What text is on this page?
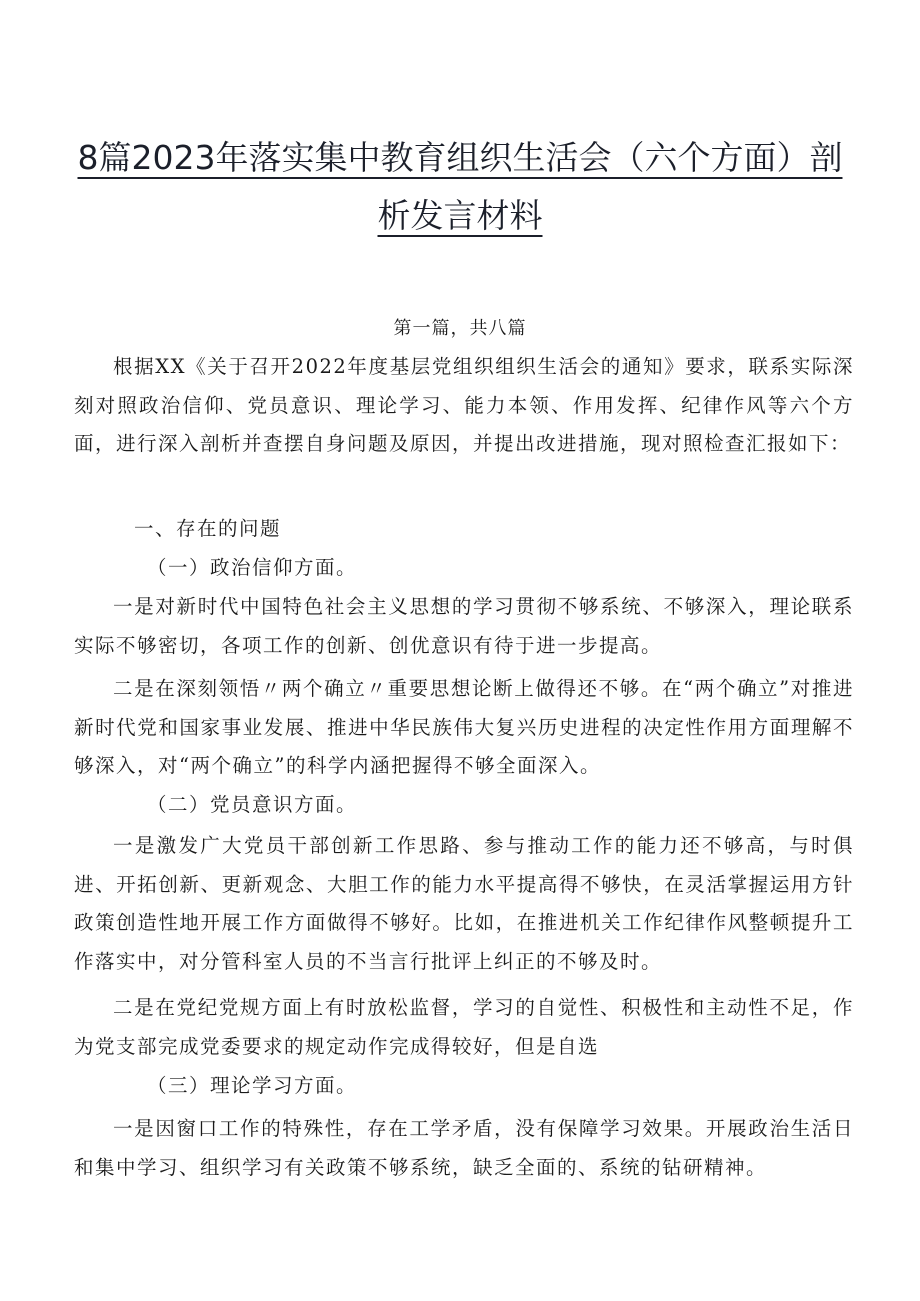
8篇2023年落实集中教育组织生活会（六个方面）剖
析发言材料
第一篇，共八篇

根据XX《关于召开2022年度基层党组织组织生活会的通知》要求，联系实际深刻对照政治信仰、党员意识、理论学习、能力本领、作用发挥、纪律作风等六个方面，进行深入剖析并查摆自身问题及原因，并提出改进措施，现对照检查汇报如下：

一、存在的问题

（一）政治信仰方面。

一是对新时代中国特色社会主义思想的学习贯彻不够系统、不够深入，理论联系实际不够密切，各项工作的创新、创优意识有待于进一步提高。

二是在深刻领悟〃两个确立〃重要思想论断上做得还不够。在“两个确立”对推进新时代党和国家事业发展、推进中华民族伟大复兴历史进程的决定性作用方面理解不够深入，对“两个确立”的科学内涵把握得不够全面深入。

（二）党员意识方面。

一是激发广大党员干部创新工作思路、参与推动工作的能力还不够高，与时俱进、开拓创新、更新观念、大胆工作的能力水平提高得不够快，在灵活掌握运用方针政策创造性地开展工作方面做得不够好。比如，在推进机关工作纪律作风整顿提升工作落实中，对分管科室人员的不当言行批评上纠正的不够及时。

二是在党纪党规方面上有时放松监督，学习的自觉性、积极性和主动性不足，作为党支部完成党委要求的规定动作完成得较好，但是自选

（三）理论学习方面。

一是因窗口工作的特殊性，存在工学矛盾，没有保障学习效果。开展政治生活日和集中学习、组织学习有关政策不够系统，缺乏全面的、系统的钻研精神。
